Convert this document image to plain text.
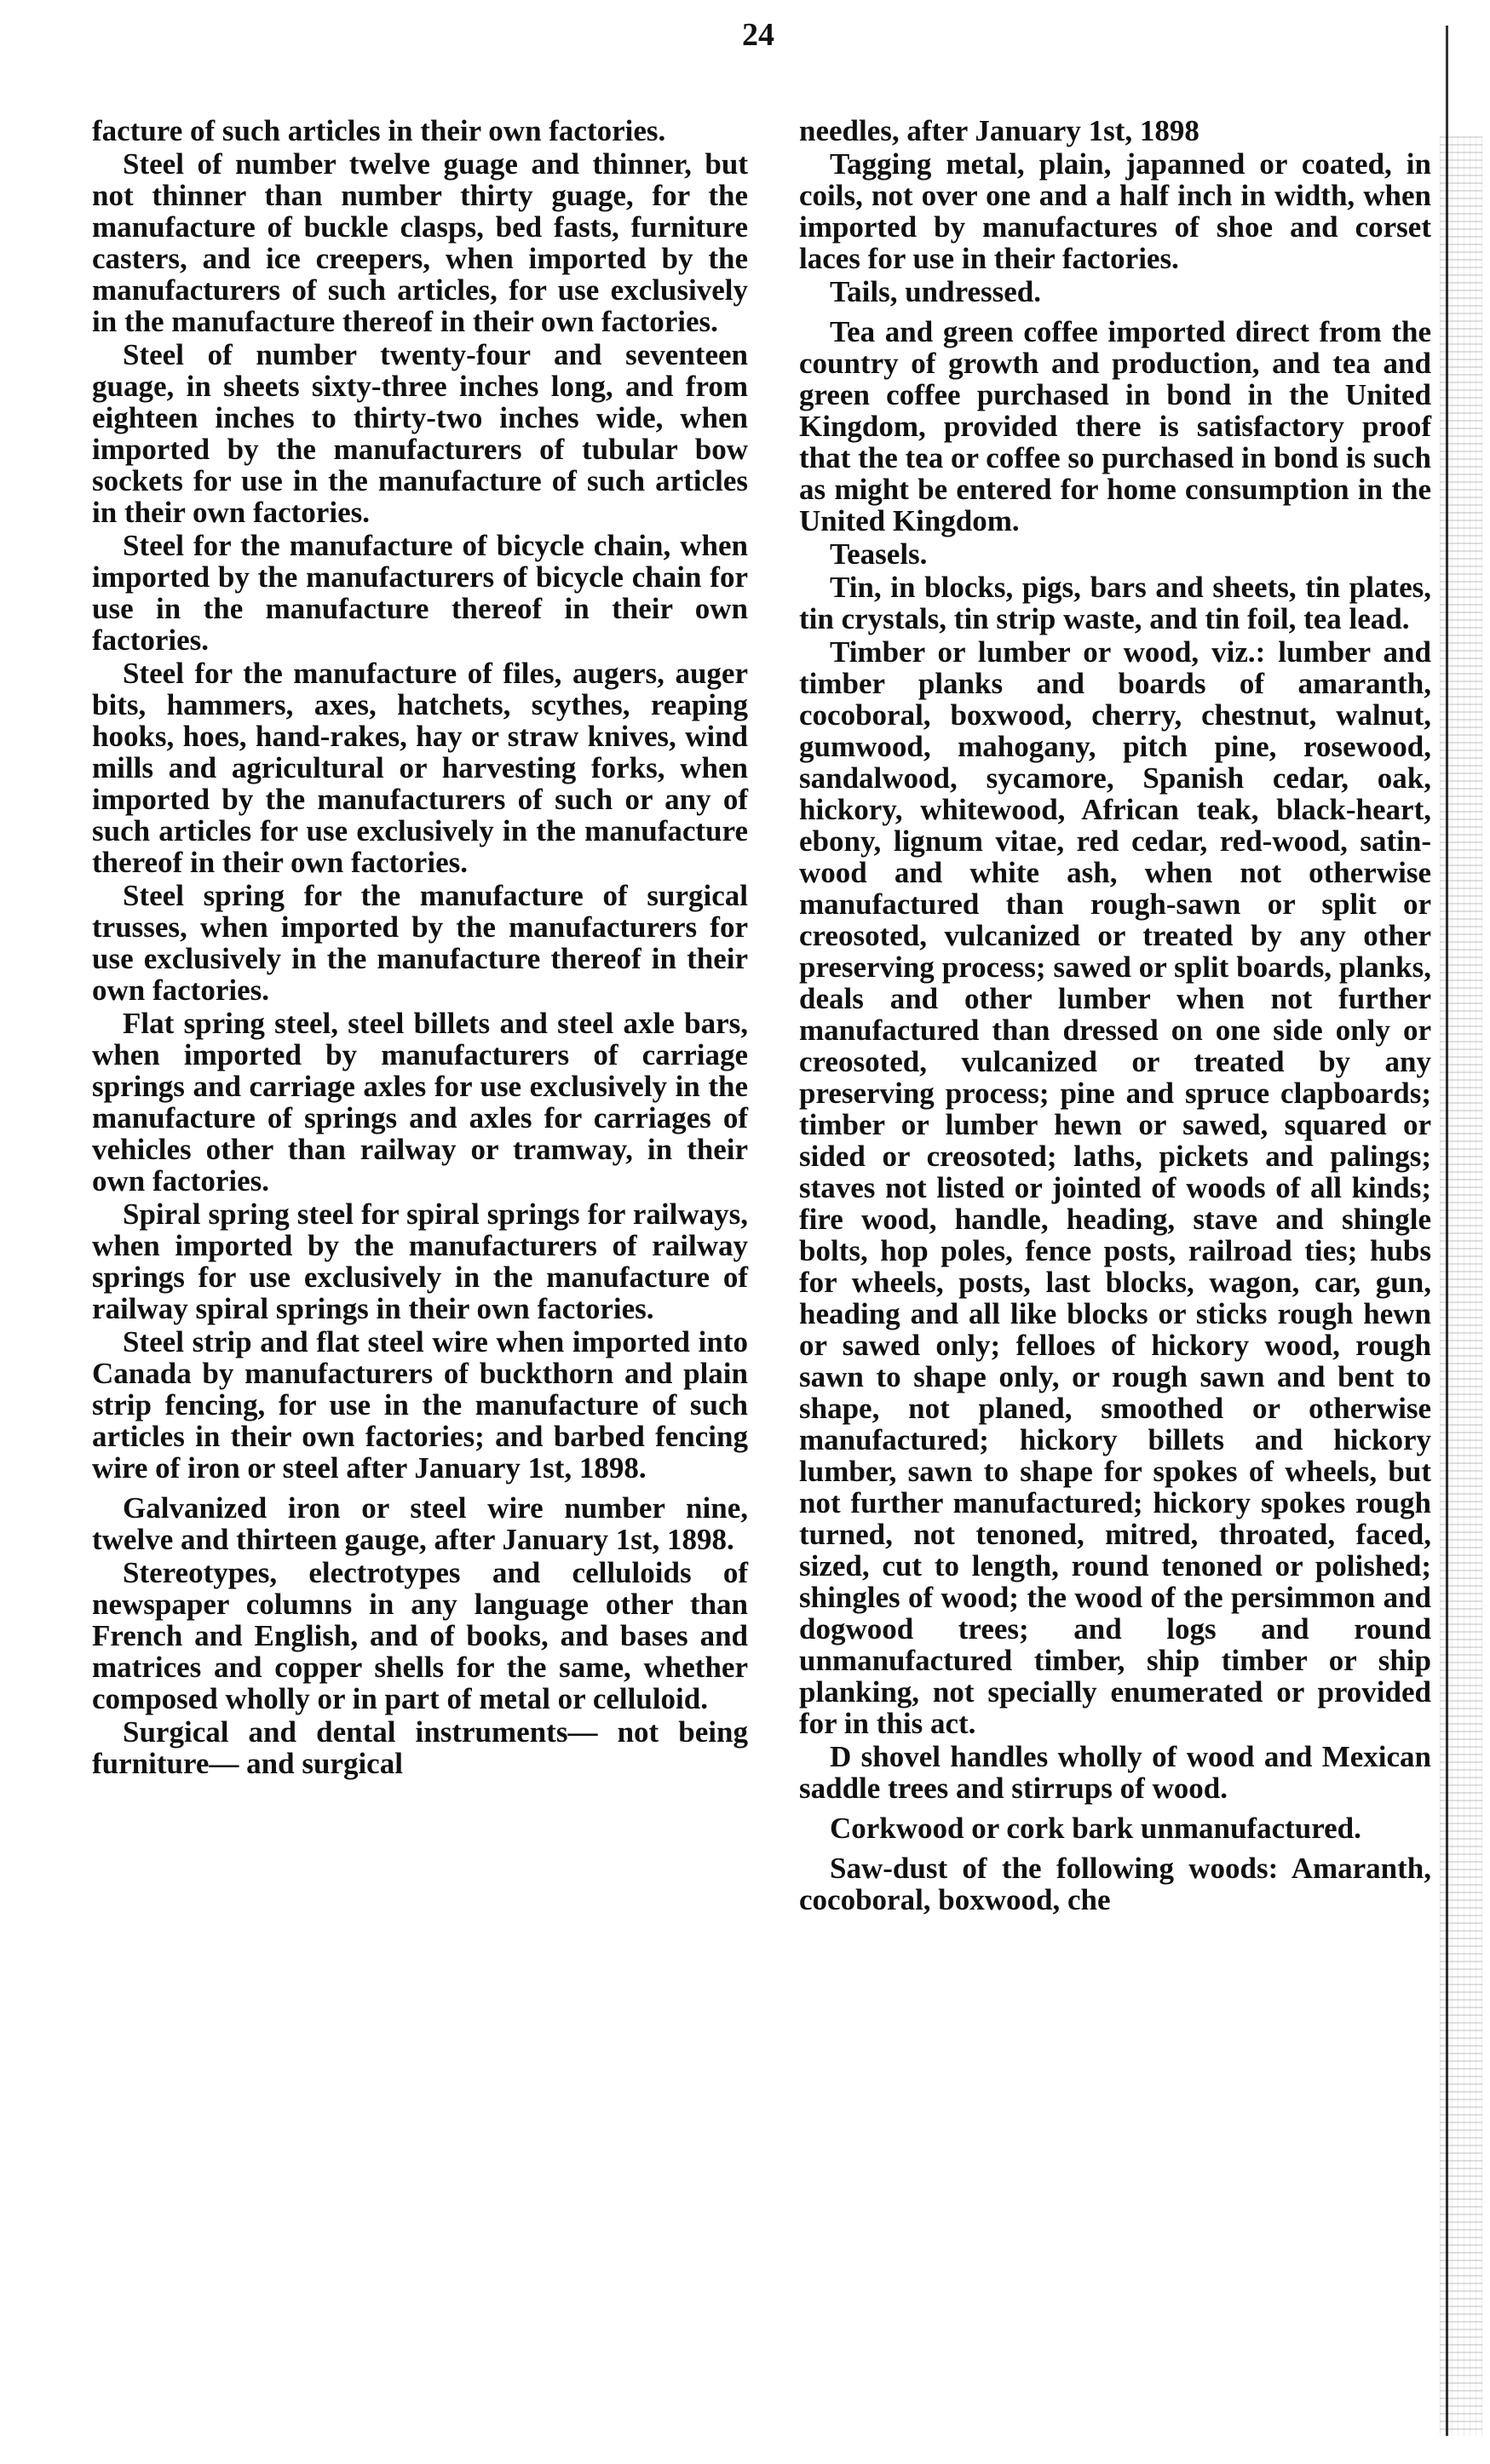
24

facture of such articles in their own factories.

Steel of number twelve guage and thinner, but not thinner than number thirty guage, for the manufacture of buckle clasps, bed fasts, furniture casters, and ice creepers, when imported by the manufacturers of such articles, for use exclusively in the manufacture thereof in their own factories.

Steel of number twenty-four and seventeen guage, in sheets sixty-three inches long, and from eighteen inches to thirty-two inches wide, when imported by the manufacturers of tubular bow sockets for use in the manufacture of such articles in their own factories.

Steel for the manufacture of bicycle chain, when imported by the manufacturers of bicycle chain for use in the manufacture thereof in their own factories.

Steel for the manufacture of files, augers, auger bits, hammers, axes, hatchets, scythes, reaping hooks, hoes, hand-rakes, hay or straw knives, wind mills and agricultural or harvesting forks, when imported by the manufacturers of such or any of such articles for use exclusively in the manufacture thereof in their own factories.

Steel spring for the manufacture of surgical trusses, when imported by the manufacturers for use exclusively in the manufacture thereof in their own factories.

Flat spring steel, steel billets and steel axle bars, when imported by manufacturers of carriage springs and carriage axles for use exclusively in the manufacture of springs and axles for carriages of vehicles other than railway or tramway, in their own factories.

Spiral spring steel for spiral springs for railways, when imported by the manufacturers of railway springs for use exclusively in the manufacture of railway spiral springs in their own factories.

Steel strip and flat steel wire when imported into Canada by manufacturers of buckthorn and plain strip fencing, for use in the manufacture of such articles in their own factories; and barbed fencing wire of iron or steel after January 1st, 1898.

Galvanized iron or steel wire number nine, twelve and thirteen gauge, after January 1st, 1898.

Stereotypes, electrotypes and celluloids of newspaper columns in any language other than French and English, and of books, and bases and matrices and copper shells for the same, whether composed wholly or in part of metal or celluloid.

Surgical and dental instruments— not being furniture— and surgical

needles, after January 1st, 1898

Tagging metal, plain, japanned or coated, in coils, not over one and a half inch in width, when imported by manufactures of shoe and corset laces for use in their factories.

Tails, undressed.

Tea and green coffee imported direct from the country of growth and production, and tea and green coffee purchased in bond in the United Kingdom, provided there is satisfactory proof that the tea or coffee so purchased in bond is such as might be entered for home consumption in the United Kingdom.

Teasels.

Tin, in blocks, pigs, bars and sheets, tin plates, tin crystals, tin strip waste, and tin foil, tea lead.

Timber or lumber or wood, viz.: lumber and timber planks and boards of amaranth, cocoboral, boxwood, cherry, chestnut, walnut, gumwood, mahogany, pitch pine, rosewood, sandalwood, sycamore, Spanish cedar, oak, hickory, whitewood, African teak, black-heart, ebony, lignum vitae, red cedar, red-wood, satin-wood and white ash, when not otherwise manufactured than rough-sawn or split or creosoted, vulcanized or treated by any other preserving process; sawed or split boards, planks, deals and other lumber when not further manufactured than dressed on one side only or creosoted, vulcanized or treated by any preserving process; pine and spruce clapboards; timber or lumber hewn or sawed, squared or sided or creosoted; laths, pickets and palings; staves not listed or jointed of woods of all kinds; fire wood, handle, heading, stave and shingle bolts, hop poles, fence posts, railroad ties; hubs for wheels, posts, last blocks, wagon, car, gun, heading and all like blocks or sticks rough hewn or sawed only; felloes of hickory wood, rough sawn to shape only, or rough sawn and bent to shape, not planed, smoothed or otherwise manufactured; hickory billets and hickory lumber, sawn to shape for spokes of wheels, but not further manufactured; hickory spokes rough turned, not tenoned, mitred, throated, faced, sized, cut to length, round tenoned or polished; shingles of wood; the wood of the persimmon and dogwood trees; and logs and round unmanufactured timber, ship timber or ship planking, not specially enumerated or provided for in this act.

D shovel handles wholly of wood and Mexican saddle trees and stirrups of wood.

Corkwood or cork bark unmanufactured.

Saw-dust of the following woods: Amaranth, cocoboral, boxwood, che
